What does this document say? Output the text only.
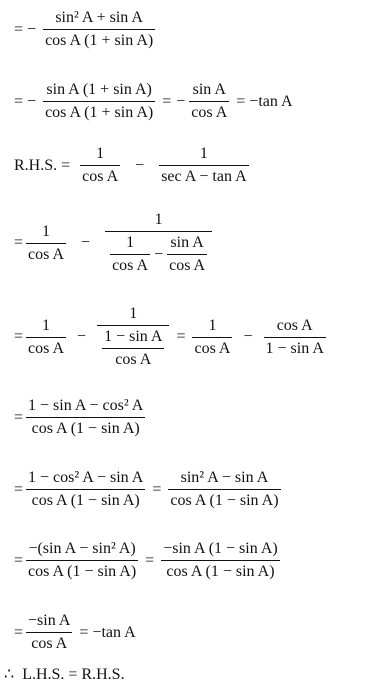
= − $\frac{\text{sin² A + sin A}}{\text{cos A (1 + sin A)}}$
= − $\frac{\text{sin A (1 + sin A)}}{\text{cos A (1 + sin A)}}$ = − $\frac{\text{sin A}}{\text{cos A}} = -\tan$ A
R.H.S. = $\frac{1}{\text{cos A}} - \frac{1}{\text{sec A − tan A}}$
= $\frac{1}{\text{cos A}}$ −
1
$\frac{1}{\text{cos A}} - \frac{\text{sin A}}{\text{cos A}}$
= $\frac{1}{\text{cos A}} - \frac{1}{\frac{\text{1 − sin A}}{\text{cos A}}} = \frac{1}{\text{cos A}} - \frac{\text{cos A}}{\text{1 − sin A}}$
= $\frac{\text{1 − sin A − cos² A}}{\text{cos A (1 − sin A)}}$
= $\frac{\text{1 − cos² A − sin A}}{\text{cos A (1 − sin A)}} = \frac{\text{sin² A − sin A}}{\text{cos A (1 − sin A)}}$
= $\frac{\text{−(sin A − sin² A)}}{\text{cos A (1 − sin A)}} = \frac{\text{−sin A (1 − sin A)}}{\text{cos A (1 − sin A)}}$
= $\frac{\text{−sin A}}{\text{cos A}} = -\tan$ A
∴ L.H.S. = R.H.S.
